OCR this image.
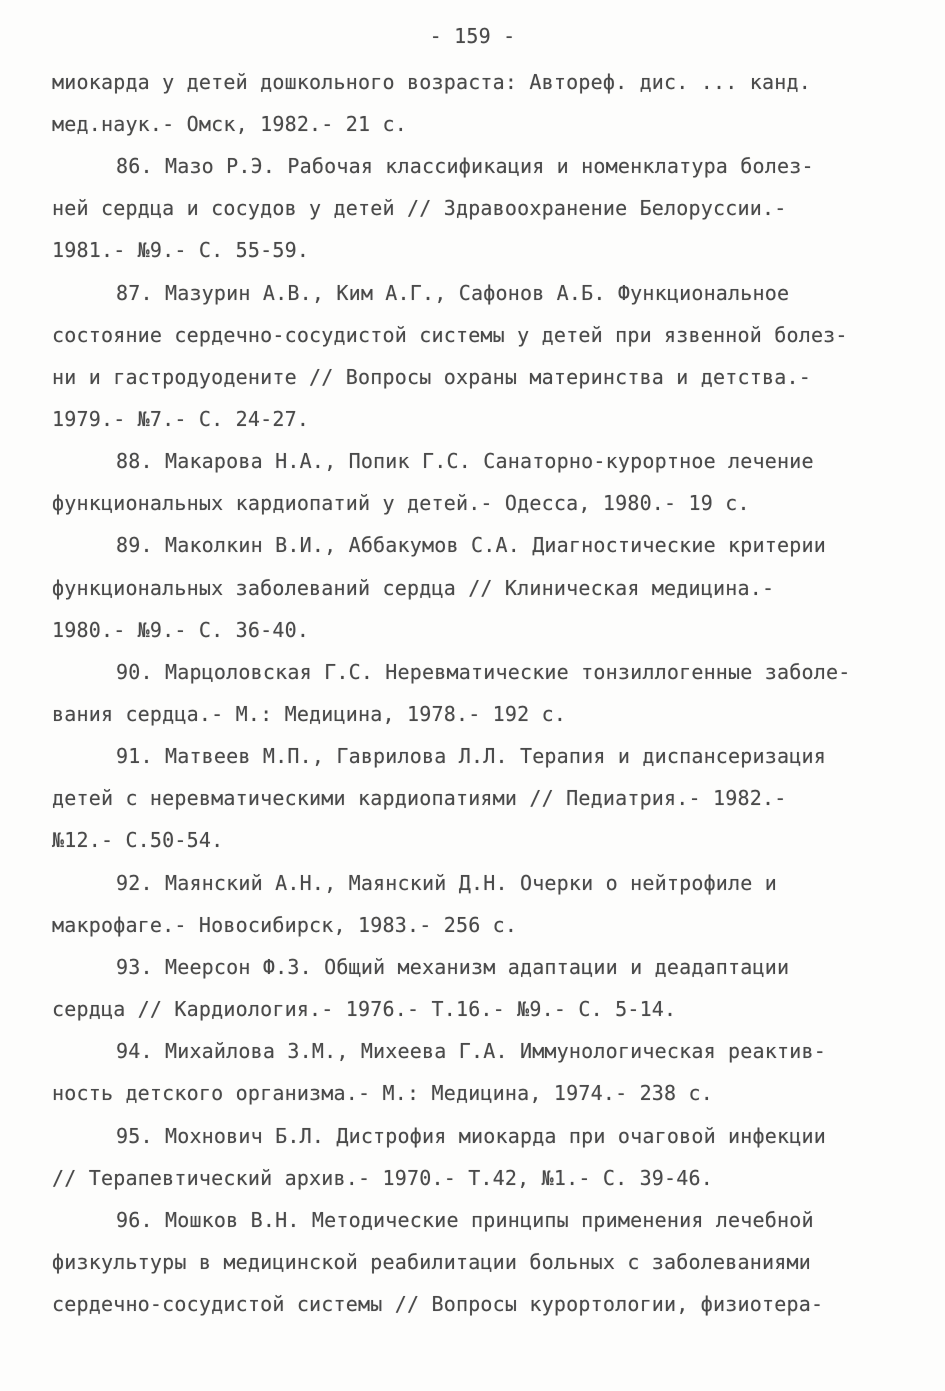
- 159 -
миокарда у детей дошкольного возраста: Автореф. дис. ... канд.
мед.наук.- Омск, 1982.- 21 с.
86. Мазо Р.Э. Рабочая классификация и номенклатура болез-
ней сердца и сосудов у детей // Здравоохранение Белоруссии.-
1981.- №9.- С. 55-59.
87. Мазурин А.В., Ким А.Г., Сафонов А.Б. Функциональное
состояние сердечно-сосудистой системы у детей при язвенной болез-
ни и гастродуодените // Вопросы охраны материнства и детства.-
1979.- №7.- С. 24-27.
88. Макарова Н.А., Попик Г.С. Санаторно-курортное лечение
функциональных кардиопатий у детей.- Одесса, 1980.- 19 с.
89. Маколкин В.И., Аббакумов С.А. Диагностические критерии
функциональных заболеваний сердца // Клиническая медицина.-
1980.- №9.- С. 36-40.
90. Марцоловская Г.С. Неревматические тонзиллогенные заболе-
вания сердца.- М.: Медицина, 1978.- 192 с.
91. Матвеев М.П., Гаврилова Л.Л. Терапия и диспансеризация
детей с неревматическими кардиопатиями // Педиатрия.- 1982.-
№12.- С.50-54.
92. Маянский А.Н., Маянский Д.Н. Очерки о нейтрофиле и
макрофаге.- Новосибирск, 1983.- 256 с.
93. Меерсон Ф.З. Общий механизм адаптации и деадаптации
сердца // Кардиология.- 1976.- Т.16.- №9.- С. 5-14.
94. Михайлова З.М., Михеева Г.А. Иммунологическая реактив-
ность детского организма.- М.: Медицина, 1974.- 238 с.
95. Мохнович Б.Л. Дистрофия миокарда при очаговой инфекции
// Терапевтический архив.- 1970.- Т.42, №1.- С. 39-46.
96. Мошков В.Н. Методические принципы применения лечебной
физкультуры в медицинской реабилитации больных с заболеваниями
сердечно-сосудистой системы // Вопросы курортологии, физиотера-
